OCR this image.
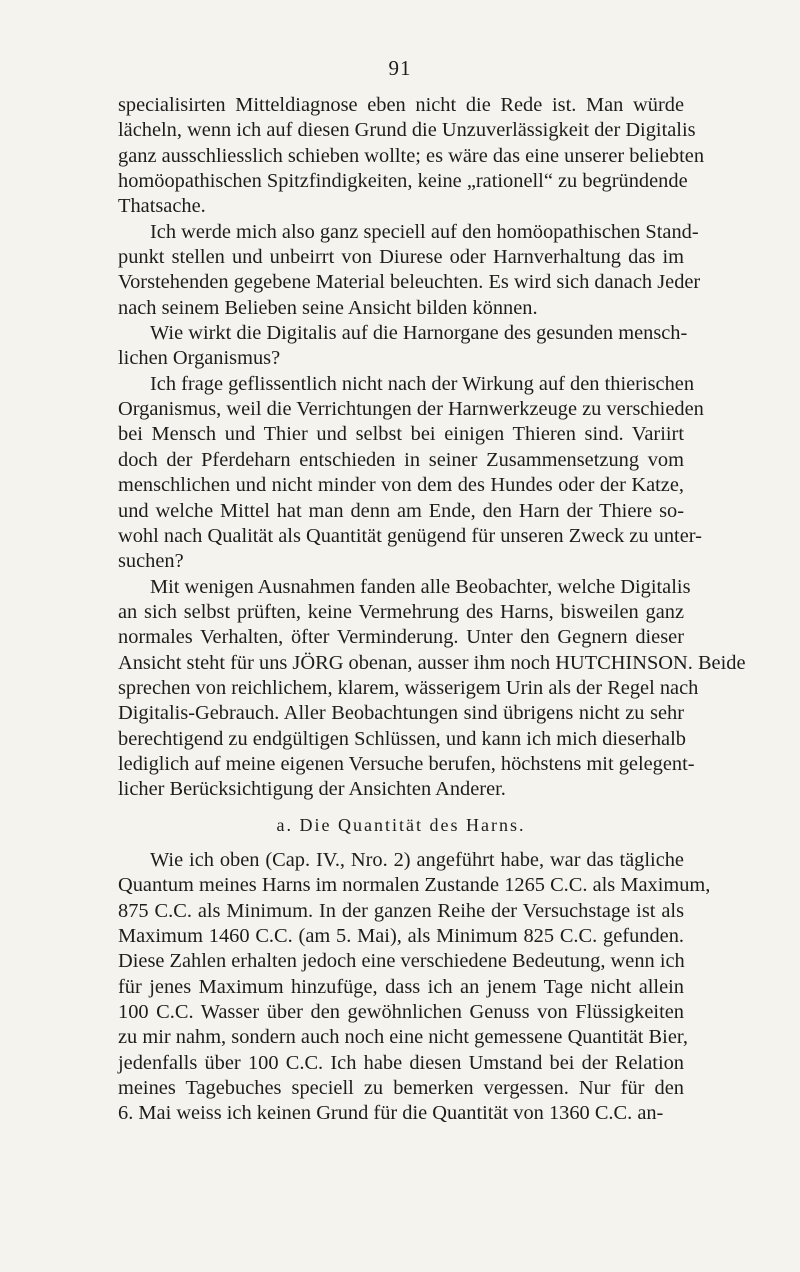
91

specialisirten Mitteldiagnose eben nicht die Rede ist. Man würde
lächeln, wenn ich auf diesen Grund die Unzuverlässigkeit der Digitalis
ganz ausschliesslich schieben wollte; es wäre das eine unserer beliebten
homöopathischen Spitzfindigkeiten, keine „rationell“ zu begründende
Thatsache.

Ich werde mich also ganz speciell auf den homöopathischen Stand-
punkt stellen und unbeirrt von Diurese oder Harnverhaltung das im
Vorstehenden gegebene Material beleuchten. Es wird sich danach Jeder
nach seinem Belieben seine Ansicht bilden können.

Wie wirkt die Digitalis auf die Harnorgane des gesunden mensch-
lichen Organismus?

Ich frage geflissentlich nicht nach der Wirkung auf den thierischen
Organismus, weil die Verrichtungen der Harnwerkzeuge zu verschieden
bei Mensch und Thier und selbst bei einigen Thieren sind. Variirt
doch der Pferdeharn entschieden in seiner Zusammensetzung vom
menschlichen und nicht minder von dem des Hundes oder der Katze,
und welche Mittel hat man denn am Ende, den Harn der Thiere so-
wohl nach Qualität als Quantität genügend für unseren Zweck zu unter-
suchen?

Mit wenigen Ausnahmen fanden alle Beobachter, welche Digitalis
an sich selbst prüften, keine Vermehrung des Harns, bisweilen ganz
normales Verhalten, öfter Verminderung. Unter den Gegnern dieser
Ansicht steht für uns JÖRG obenan, ausser ihm noch HUTCHINSON. Beide
sprechen von reichlichem, klarem, wässerigem Urin als der Regel nach
Digitalis-Gebrauch. Aller Beobachtungen sind übrigens nicht zu sehr
berechtigend zu endgültigen Schlüssen, und kann ich mich dieserhalb
lediglich auf meine eigenen Versuche berufen, höchstens mit gelegent-
licher Berücksichtigung der Ansichten Anderer.

a. Die Quantität des Harns.

Wie ich oben (Cap. IV., Nro. 2) angeführt habe, war das tägliche
Quantum meines Harns im normalen Zustande 1265 C.C. als Maximum,
875 C.C. als Minimum. In der ganzen Reihe der Versuchstage ist als
Maximum 1460 C.C. (am 5. Mai), als Minimum 825 C.C. gefunden.
Diese Zahlen erhalten jedoch eine verschiedene Bedeutung, wenn ich
für jenes Maximum hinzufüge, dass ich an jenem Tage nicht allein
100 C.C. Wasser über den gewöhnlichen Genuss von Flüssigkeiten
zu mir nahm, sondern auch noch eine nicht gemessene Quantität Bier,
jedenfalls über 100 C.C. Ich habe diesen Umstand bei der Relation
meines Tagebuches speciell zu bemerken vergessen. Nur für den
6. Mai weiss ich keinen Grund für die Quantität von 1360 C.C. an-
